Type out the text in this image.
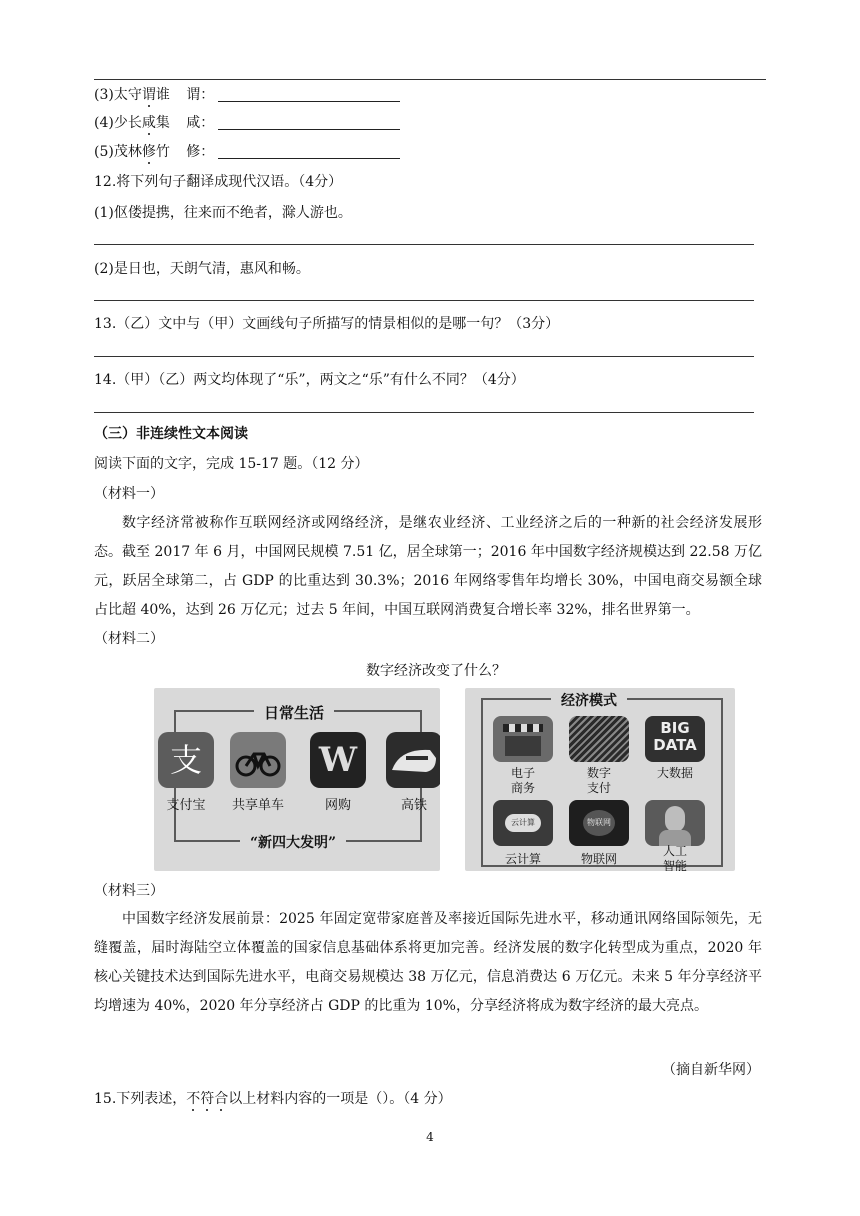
(3)太守谓谁 谓：
(4)少长咸集 咸：
(5)茂林修竹 修：
12.将下列句子翻译成现代汉语。（4分）
(1)伛偻提携，往来而不绝者，滁人游也。
(2)是日也，天朗气清，惠风和畅。
13.（乙）文中与（甲）文画线句子所描写的情景相似的是哪一句？（3分）
14.（甲）（乙）两文均体现了“乐”，两文之“乐”有什么不同？（4分）
（三）非连续性文本阅读
阅读下面的文字，完成 15-17 题。（12 分）
（材料一）
数字经济常被称作互联网经济或网络经济，是继农业经济、工业经济之后的一种新的社会经济发展形态。截至 2017 年 6 月，中国网民规模 7.51 亿，居全球第一；2016 年中国数字经济规模达到 22.58 万亿元，跃居全球第二，占 GDP 的比重达到 30.3%；2016 年网络零售年均增长 30%，中国电商交易额全球占比超 40%，达到 26 万亿元；过去 5 年间，中国互联网消费复合增长率 32%，排名世界第一。
（材料二）
数字经济改变了什么？
日常生活
支
支付宝	共享单车
W
网购	高铁
“新四大发明”
经济模式
电子
商务
数字
支付
BIG
DATA
大数据
云计算
云计算
物联网
物联网
人工
智能
（材料三）
中国数字经济发展前景：2025 年固定宽带家庭普及率接近国际先进水平，移动通讯网络国际领先，无缝覆盖，届时海陆空立体覆盖的国家信息基础体系将更加完善。经济发展的数字化转型成为重点，2020 年核心关键技术达到国际先进水平，电商交易规模达 38 万亿元，信息消费达 6 万亿元。未来 5 年分享经济平均增速为 40%，2020 年分享经济占 GDP 的比重为 10%，分享经济将成为数字经济的最大亮点。
（摘自新华网）
15.下列表述，不符合以上材料内容的一项是（）。（4 分）
4
